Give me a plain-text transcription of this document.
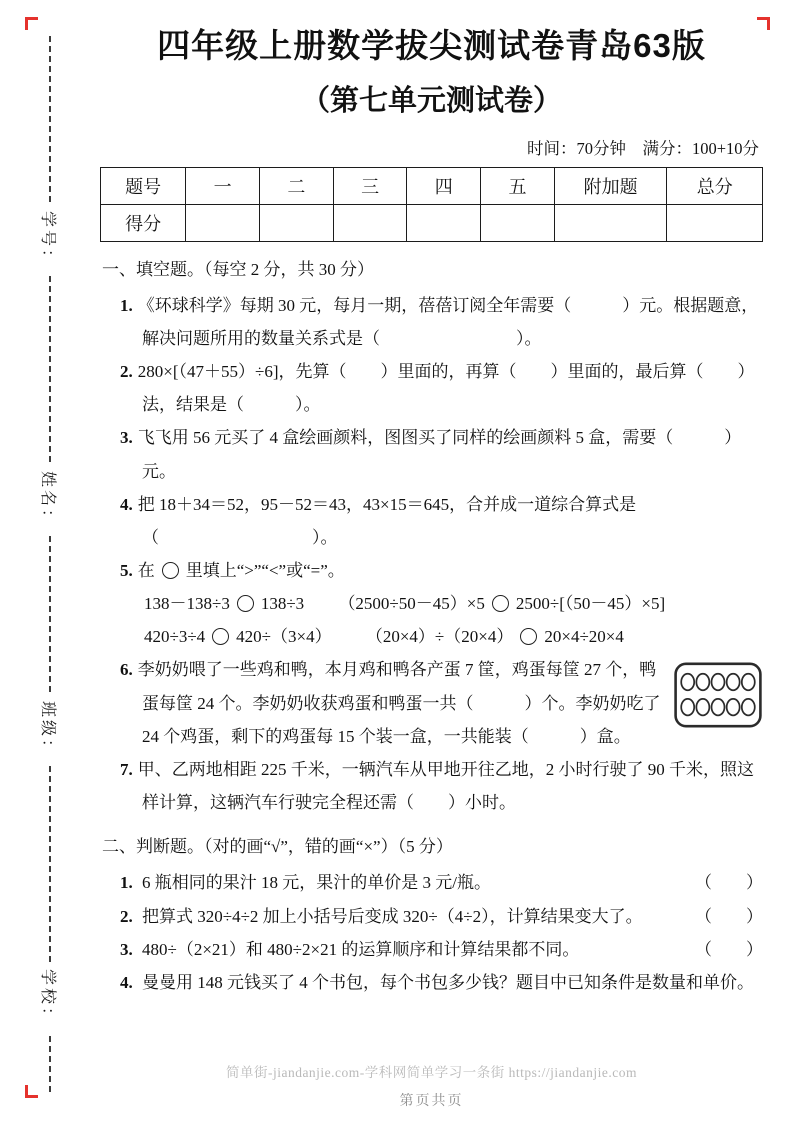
学号：
姓名：
班级：
学校：
四年级上册数学拔尖测试卷青岛63版
（第七单元测试卷）
时间：70分钟　满分：100+10分
题号	一	二	三	四	五	附加题	总分
得分							
一、填空题。（每空 2 分，共 30 分）
1. 《环球科学》每期 30 元，每月一期，蓓蓓订阅全年需要（　　　）元。根据题意，解决问题所用的数量关系式是（　　　　　　　　）。
2. 280×[（47＋55）÷6]，先算（　　）里面的，再算（　　）里面的，最后算（　　）法，结果是（　　　）。
3. 飞飞用 56 元买了 4 盒绘画颜料，图图买了同样的绘画颜料 5 盒，需要（　　　）元。
4. 把 18＋34＝52，95－52＝43，43×15＝645，合并成一道综合算式是（　　　　　　　　　）。
5. 在 里填上“>”“<”或“=”。
138－138÷3 138÷3 （2500÷50－45）×5 2500÷[（50－45）×5]
420÷3÷4 420÷（3×4） （20×4）÷（20×4） 20×4÷20×4
6. 李奶奶喂了一些鸡和鸭，本月鸡和鸭各产蛋 7 筐，鸡蛋每筐 27 个，鸭蛋每筐 24 个。李奶奶收获鸡蛋和鸭蛋一共（　　　）个。李奶奶吃了 24 个鸡蛋，剩下的鸡蛋每 15 个装一盒，一共能装（　　　）盒。
7. 甲、乙两地相距 225 千米，一辆汽车从甲地开往乙地，2 小时行驶了 90 千米，照这样计算，这辆汽车行驶完全程还需（　　）小时。
二、判断题。（对的画“√”，错的画“×”）（5 分）
1. 6 瓶相同的果汁 18 元，果汁的单价是 3 元/瓶。	（　　）
2. 把算式 320÷4÷2 加上小括号后变成 320÷（4÷2），计算结果变大了。	（　　）
3. 480÷（2×21）和 480÷2×21 的运算顺序和计算结果都不同。	（　　）
4. 曼曼用 148 元钱买了 4 个书包，每个书包多少钱？题目中已知条件是数量和单价。
简单街-jiandanjie.com-学科网简单学习一条街 https://jiandanjie.com
第页共页
